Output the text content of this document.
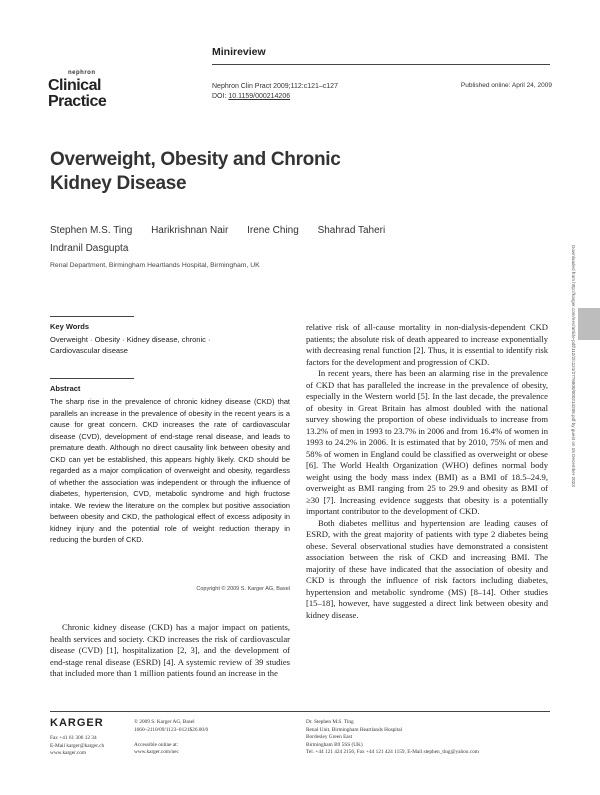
nephron
Clinical
Practice
Minireview
Nephron Clin Pract 2009;112:c121–c127
DOI: 10.1159/000214206
Published online: April 24, 2009
Overweight, Obesity and Chronic
Kidney Disease
Stephen M.S. Ting Harikrishnan Nair Irene Ching Shahrad Taheri
Indranil Dasgupta
Renal Department, Birmingham Heartlands Hospital, Birmingham, UK
Key Words
Overweight · Obesity · Kidney disease, chronic ·
Cardiovascular disease
Abstract
The sharp rise in the prevalence of chronic kidney disease (CKD) that parallels an increase in the prevalence of obesity in the recent years is a cause for great concern. CKD increases the rate of cardiovascular disease (CVD), development of end-stage renal disease, and leads to premature death. Although no direct causality link between obesity and CKD can yet be established, this appears highly likely. CKD should be regarded as a major complication of overweight and obesity, regardless of whether the association was independent or through the influence of diabetes, hypertension, CVD, metabolic syndrome and high fructose intake. We review the literature on the complex but positive association between obesity and CKD, the pathological effect of excess adiposity in kidney injury and the potential role of weight reduction therapy in reducing the burden of CKD.
Copyright © 2009 S. Karger AG, Basel

Chronic kidney disease (CKD) has a major impact on patients, health services and society. CKD increases the risk of cardiovascular disease (CVD) [1], hospitalization [2, 3], and the development of end-stage renal disease (ESRD) [4]. A systemic review of 39 studies that included more than 1 million patients found an increase in the

relative risk of all-cause mortality in non-dialysis-dependent CKD patients; the absolute risk of death appeared to increase exponentially with decreasing renal function [2]. Thus, it is essential to identify risk factors for the development and progression of CKD.

In recent years, there has been an alarming rise in the prevalence of CKD that has paralleled the increase in the prevalence of obesity, especially in the Western world [5]. In the last decade, the prevalence of obesity in Great Britain has almost doubled with the national survey showing the proportion of obese individuals to increase from 13.2% of men in 1993 to 23.7% in 2006 and from 16.4% of women in 1993 to 24.2% in 2006. It is estimated that by 2010, 75% of men and 58% of women in England could be classified as overweight or obese [6]. The World Health Organization (WHO) defines normal body weight using the body mass index (BMI) as a BMI of 18.5–24.9, overweight as BMI ranging from 25 to 29.9 and obesity as BMI of ≥30 [7]. Increasing evidence suggests that obesity is a potentially important contributor to the development of CKD.

Both diabetes mellitus and hypertension are leading causes of ESRD, with the great majority of patients with type 2 diabetes being obese. Several observational studies have demonstrated a consistent association between the risk of CKD and increasing BMI. The majority of these have indicated that the association of obesity and CKD is through the influence of risk factors including diabetes, hypertension and metabolic syndrome (MS) [8–14]. Other studies [15–18], however, have suggested a direct link between obesity and kidney disease.

KARGER
Fax +41 61 306 12 34
E-Mail karger@karger.ch
www.karger.com
© 2009 S. Karger AG, Basel
1660–2110/09/1123–0121$26.00/0
Accessible online at:
www.karger.com/nec
Dr. Stephen M.S. Ting
Renal Unit, Birmingham Heartlands Hospital
Bordesley Green East
Birmingham B9 5SS (UK)
Tel. +44 121 424 2156, Fax +44 121 424 1159, E-Mail stephen_ting@yahoo.com
Downloaded from http://karger.com/nec/article-pdf/112/2/c121/2776800/000214206.pdf by guest on 15 December 2023
